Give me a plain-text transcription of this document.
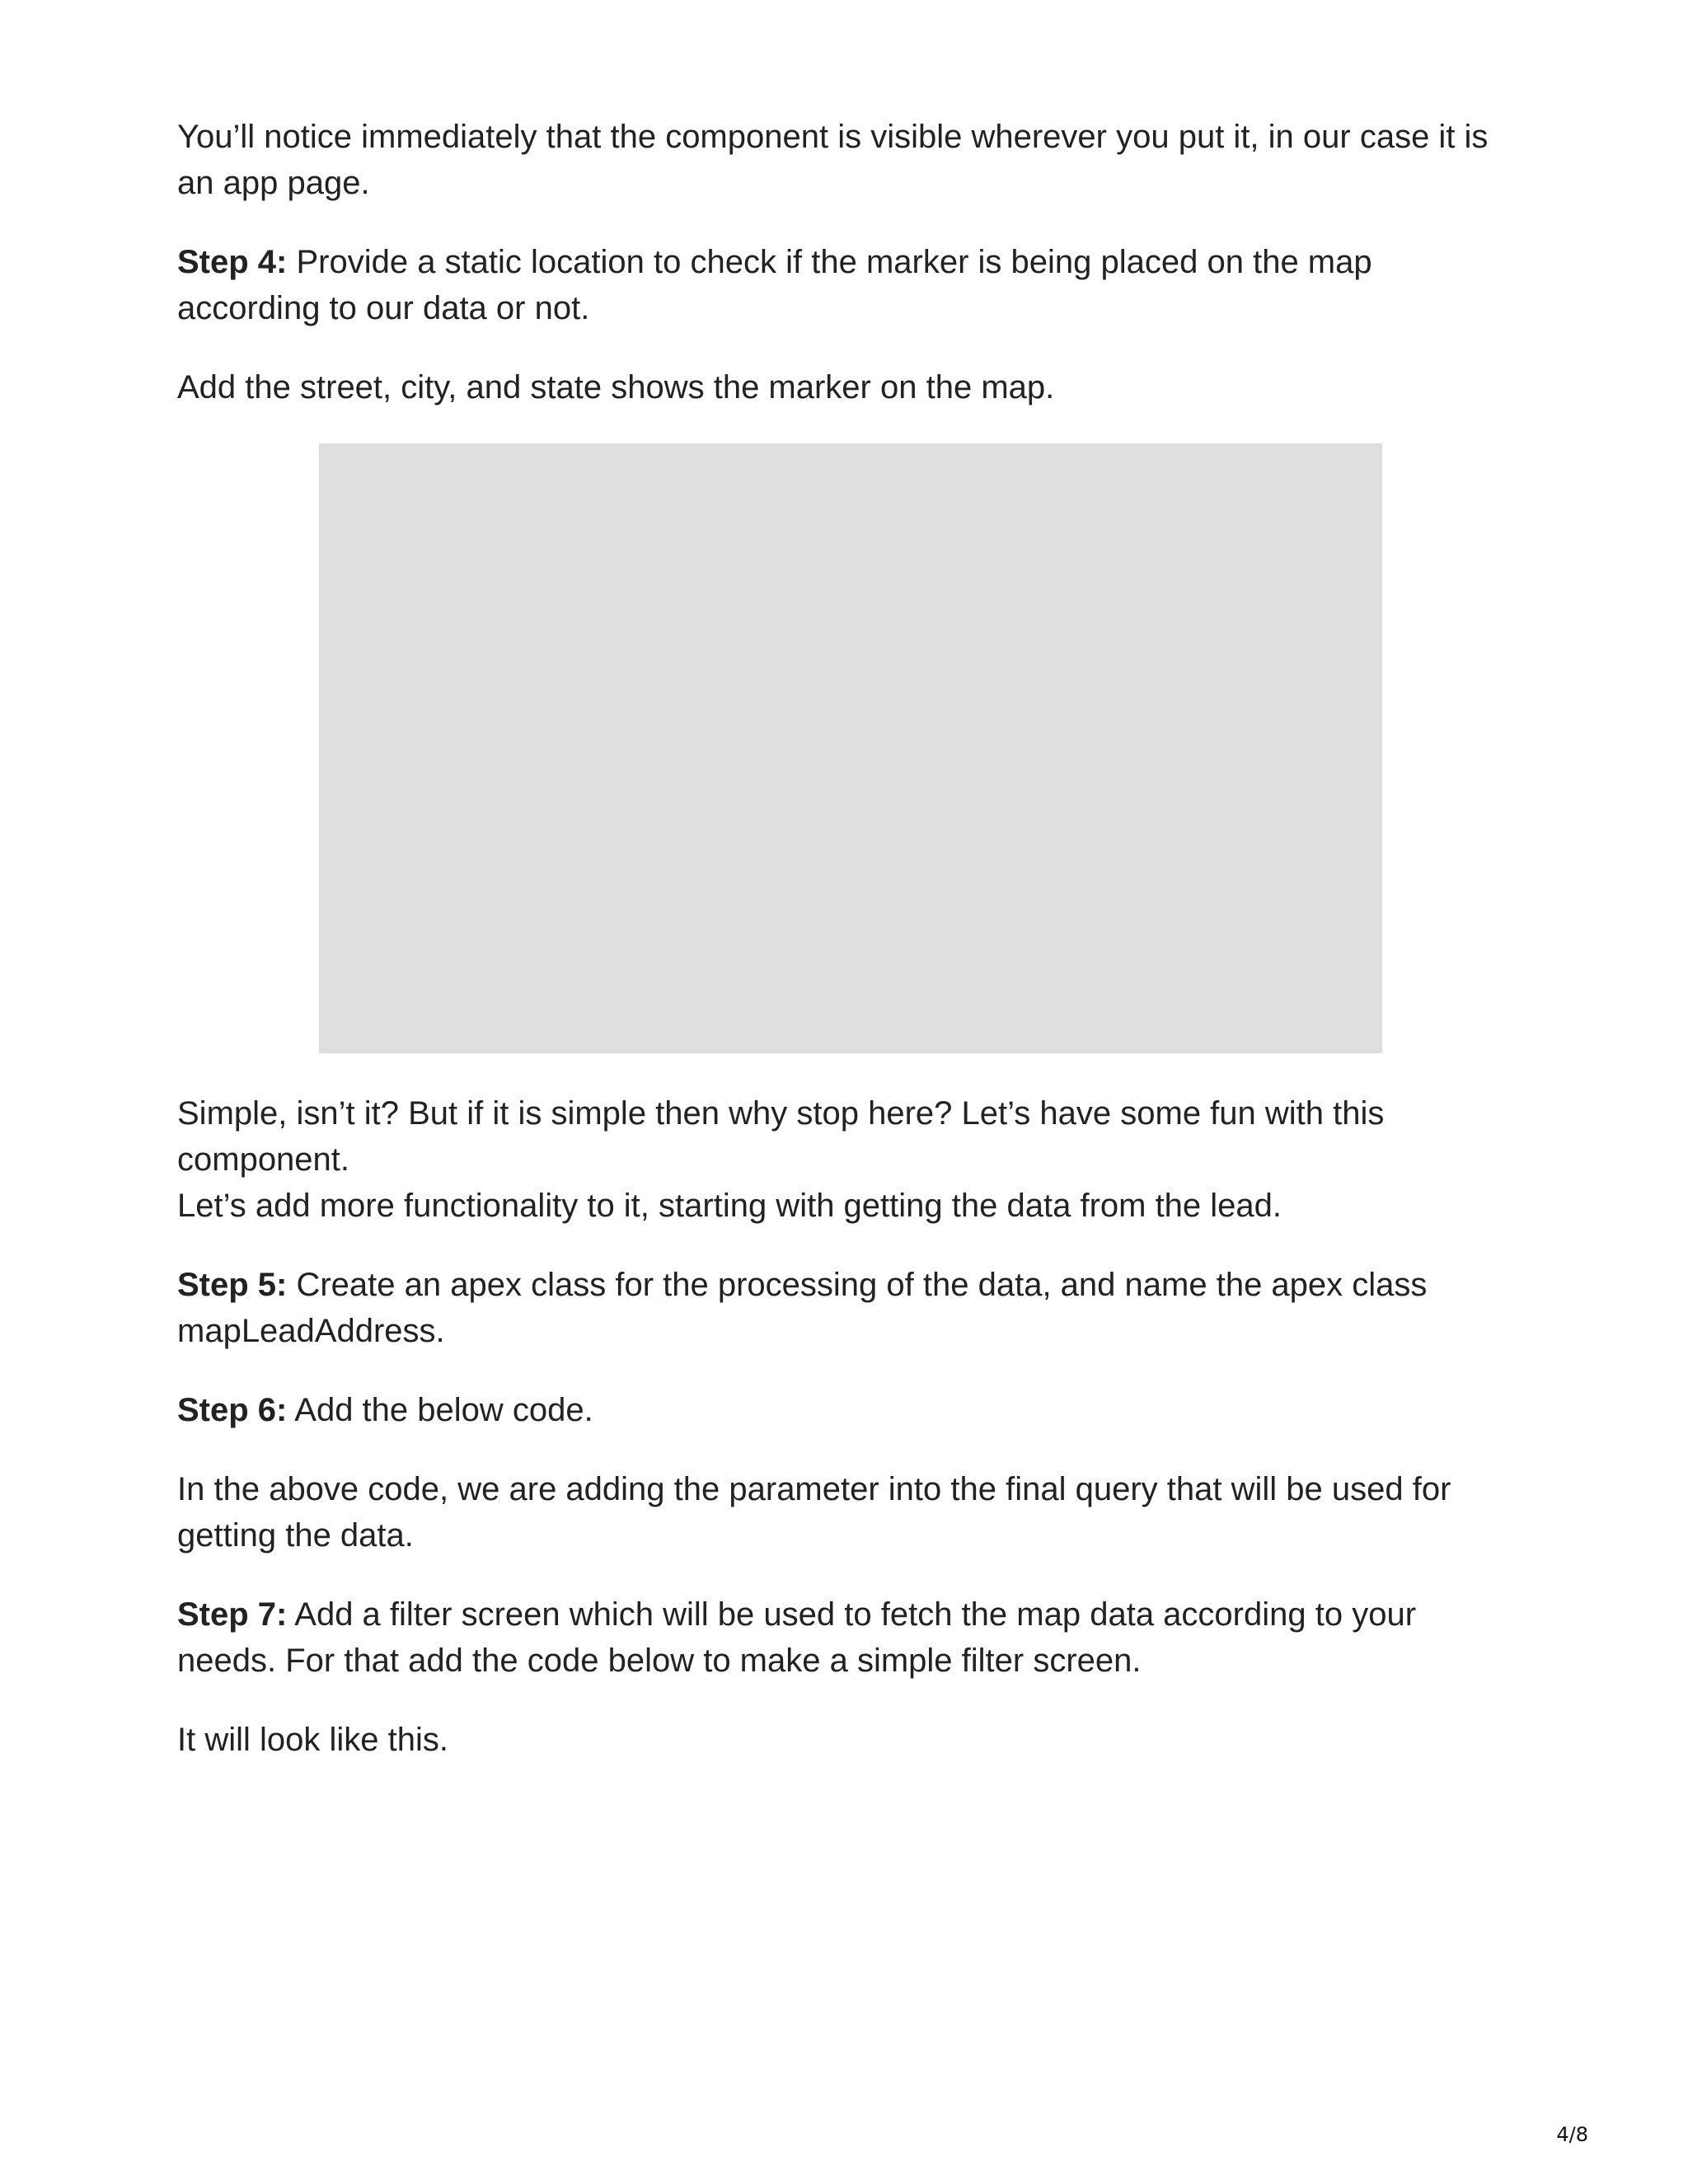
You’ll notice immediately that the component is visible wherever you put it, in our case it is an app page.

Step 4: Provide a static location to check if the marker is being placed on the map according to our data or not.

Add the street, city, and state shows the marker on the map.

Simple, isn’t it? But if it is simple then why stop here? Let’s have some fun with this component.

Let’s add more functionality to it, starting with getting the data from the lead.

Step 5: Create an apex class for the processing of the data, and name the apex class mapLeadAddress.

Step 6: Add the below code.

In the above code, we are adding the parameter into the final query that will be used for getting the data.

Step 7: Add a filter screen which will be used to fetch the map data according to your needs. For that add the code below to make a simple filter screen.

It will look like this.

4/8
